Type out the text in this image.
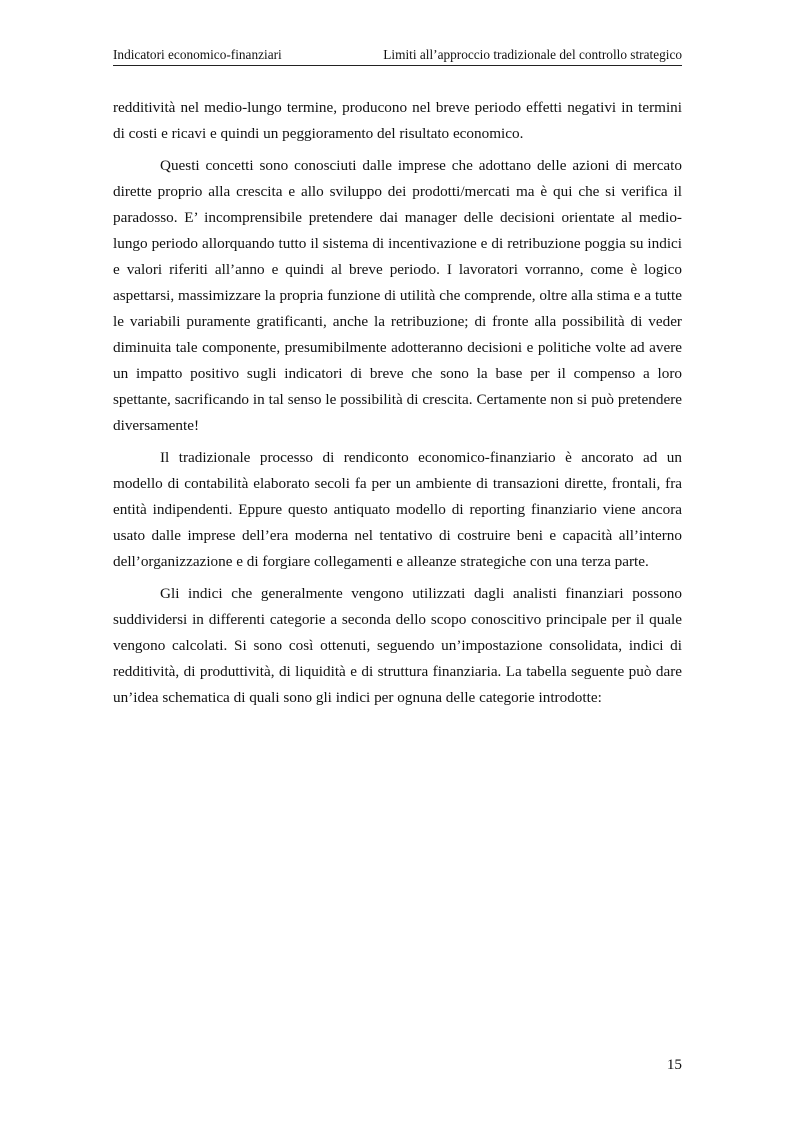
Indicatori economico-finanziari	Limiti all’approccio tradizionale del controllo strategico

redditività nel medio-lungo termine, producono nel breve periodo effetti negativi in termini di costi e ricavi e quindi un peggioramento del risultato economico.

Questi concetti sono conosciuti dalle imprese che adottano delle azioni di mercato dirette proprio alla crescita e allo sviluppo dei prodotti/mercati ma è qui che si verifica il paradosso. E’ incomprensibile pretendere dai manager delle decisioni orientate al medio-lungo periodo allorquando tutto il sistema di incentivazione e di retribuzione poggia su indici e valori riferiti all’anno e quindi al breve periodo. I lavoratori vorranno, come è logico aspettarsi, massimizzare la propria funzione di utilità che comprende, oltre alla stima e a tutte le variabili puramente gratificanti, anche la retribuzione; di fronte alla possibilità di veder diminuita tale componente, presumibilmente adotteranno decisioni e politiche volte ad avere un impatto positivo sugli indicatori di breve che sono la base per il compenso a loro spettante, sacrificando in tal senso le possibilità di crescita. Certamente non si può pretendere diversamente!

Il tradizionale processo di rendiconto economico-finanziario è ancorato ad un modello di contabilità elaborato secoli fa per un ambiente di transazioni dirette, frontali, fra entità indipendenti. Eppure questo antiquato modello di reporting finanziario viene ancora usato dalle imprese dell’era moderna nel tentativo di costruire beni e capacità all’interno dell’organizzazione e di forgiare collegamenti e alleanze strategiche con una terza parte.

Gli indici che generalmente vengono utilizzati dagli analisti finanziari possono suddividersi in differenti categorie a seconda dello scopo conoscitivo principale per il quale vengono calcolati. Si sono così ottenuti, seguendo un’impostazione consolidata, indici di redditività, di produttività, di liquidità e di struttura finanziaria. La tabella seguente può dare un’idea schematica di quali sono gli indici per ognuna delle categorie introdotte:

15
